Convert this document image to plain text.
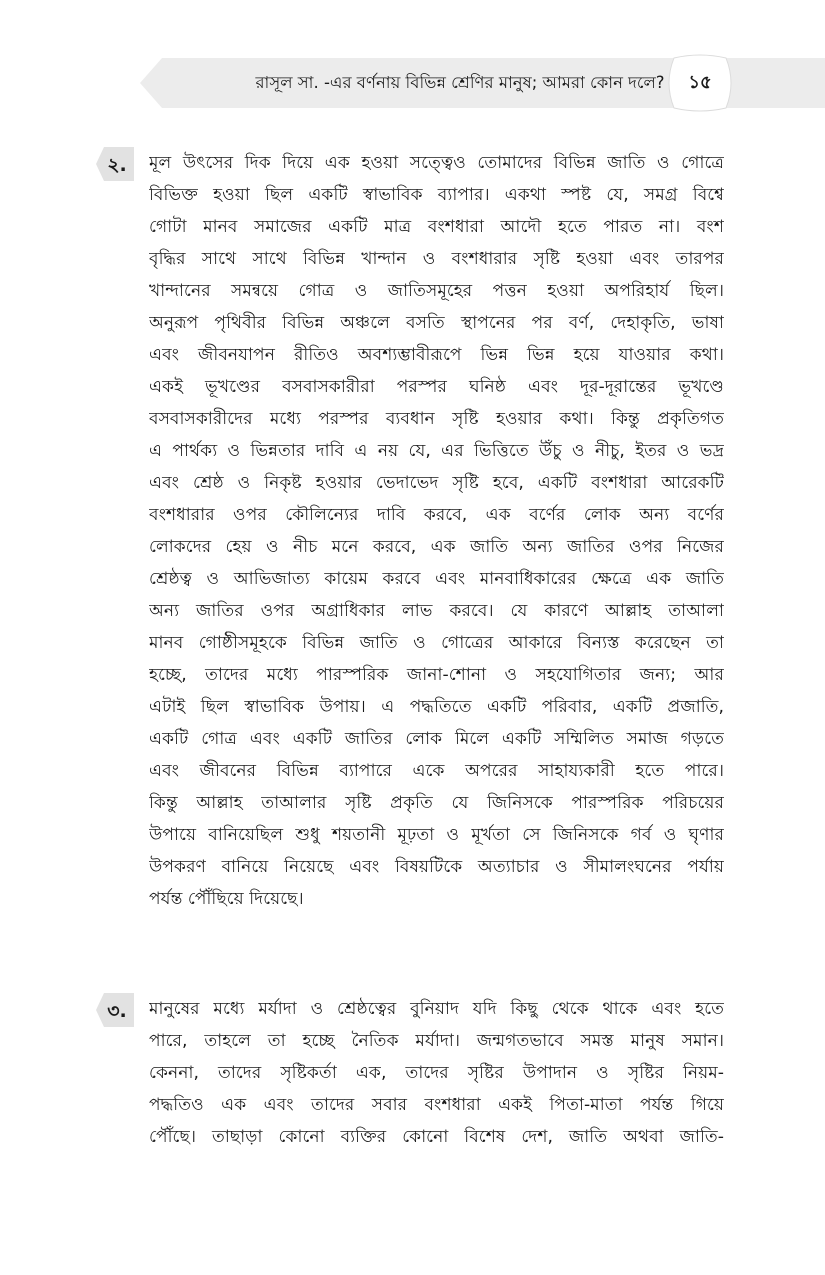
রাসূল সা. -এর বর্ণনায় বিভিন্ন শ্রেণির মানুষ; আমরা কোন দলে?	১৫
২.	মূল উৎসের দিক দিয়ে এক হওয়া সত্ত্বেও তোমাদের বিভিন্ন জাতি ও গোত্রে
বিভিক্ত হওয়া ছিল একটি স্বাভাবিক ব্যাপার। একথা স্পষ্ট যে, সমগ্র বিশ্বে
গোটা মানব সমাজের একটি মাত্র বংশধারা আদৌ হতে পারত না। বংশ
বৃদ্ধির সাথে সাথে বিভিন্ন খান্দান ও বংশধারার সৃষ্টি হওয়া এবং তারপর
খান্দানের সমন্বয়ে গোত্র ও জাতিসমূহের পত্তন হওয়া অপরিহার্য ছিল।
অনুরূপ পৃথিবীর বিভিন্ন অঞ্চলে বসতি স্থাপনের পর বর্ণ, দেহাকৃতি, ভাষা
এবং জীবনযাপন রীতিও অবশ্যম্ভাবীরূপে ভিন্ন ভিন্ন হয়ে যাওয়ার কথা।
একই ভূখণ্ডের বসবাসকারীরা পরস্পর ঘনিষ্ঠ এবং দূর-দূরান্তের ভূখণ্ডে
বসবাসকারীদের মধ্যে পরস্পর ব্যবধান সৃষ্টি হওয়ার কথা। কিন্তু প্রকৃতিগত
এ পার্থক্য ও ভিন্নতার দাবি এ নয় যে, এর ভিত্তিতে উঁচু ও নীচু, ইতর ও ভদ্র
এবং শ্রেষ্ঠ ও নিকৃষ্ট হওয়ার ভেদাভেদ সৃষ্টি হবে, একটি বংশধারা আরেকটি
বংশধারার ওপর কৌলিন্যের দাবি করবে, এক বর্ণের লোক অন্য বর্ণের
লোকদের হেয় ও নীচ মনে করবে, এক জাতি অন্য জাতির ওপর নিজের
শ্রেষ্ঠত্ব ও আভিজাত্য কায়েম করবে এবং মানবাধিকারের ক্ষেত্রে এক জাতি
অন্য জাতির ওপর অগ্রাধিকার লাভ করবে। যে কারণে আল্লাহ তাআলা
মানব গোষ্ঠীসমূহকে বিভিন্ন জাতি ও গোত্রের আকারে বিন্যস্ত করেছেন তা
হচ্ছে, তাদের মধ্যে পারস্পরিক জানা-শোনা ও সহযোগিতার জন্য; আর
এটাই ছিল স্বাভাবিক উপায়। এ পদ্ধতিতে একটি পরিবার, একটি প্রজাতি,
একটি গোত্র এবং একটি জাতির লোক মিলে একটি সম্মিলিত সমাজ গড়তে
এবং জীবনের বিভিন্ন ব্যাপারে একে অপরের সাহায্যকারী হতে পারে।
কিন্তু আল্লাহ তাআলার সৃষ্টি প্রকৃতি যে জিনিসকে পারস্পরিক পরিচয়ের
উপায়ে বানিয়েছিল শুধু শয়তানী মূঢ়তা ও মূর্খতা সে জিনিসকে গর্ব ও ঘৃণার
উপকরণ বানিয়ে নিয়েছে এবং বিষয়টিকে অত্যাচার ও সীমালংঘনের পর্যায়
পর্যন্ত পৌঁছিয়ে দিয়েছে।
৩.	মানুষের মধ্যে মর্যাদা ও শ্রেষ্ঠত্বের বুনিয়াদ যদি কিছু থেকে থাকে এবং হতে
পারে, তাহলে তা হচ্ছে নৈতিক মর্যাদা। জন্মগতভাবে সমস্ত মানুষ সমান।
কেননা, তাদের সৃষ্টিকর্তা এক, তাদের সৃষ্টির উপাদান ও সৃষ্টির নিয়ম-
পদ্ধতিও এক এবং তাদের সবার বংশধারা একই পিতা-মাতা পর্যন্ত গিয়ে
পৌঁছে। তাছাড়া কোনো ব্যক্তির কোনো বিশেষ দেশ, জাতি অথবা জাতি-
